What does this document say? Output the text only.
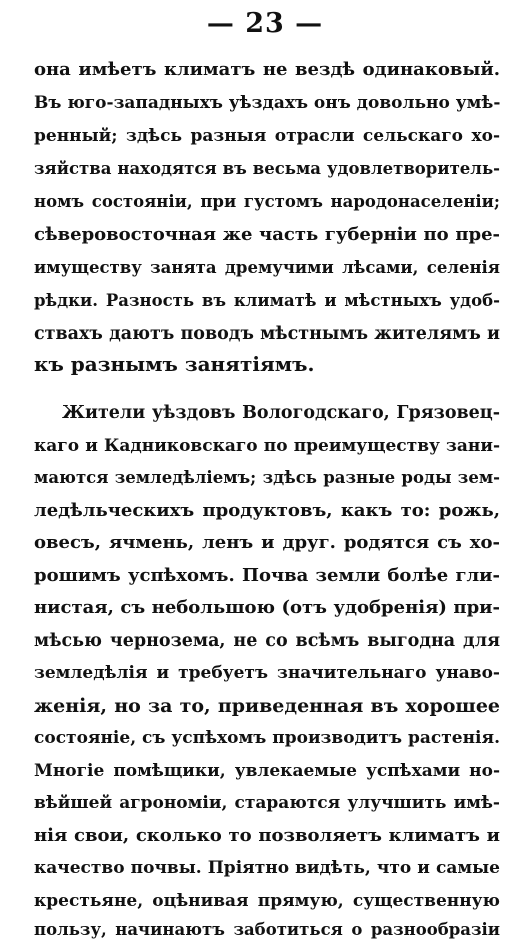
— 23 —
она имѣетъ климатъ не вездѣ одинаковый.
Въ юго-западныхъ уѣздахъ онъ довольно умѣ-
ренный; здѣсь разныя отрасли сельскаго хо-
зяйства находятся въ весьма удовлетворитель-
номъ состоянiи, при густомъ народонаселенiи;
сѣверовосточная же часть губернiи по пре-
имуществу занята дремучими лѣсами, селенiя
рѣдки. Разность въ климатѣ и мѣстныхъ удоб-
ствахъ даютъ поводъ мѣстнымъ жителямъ и
къ разнымъ занятiямъ.
Жители уѣздовъ Вологодскаго, Грязовец-
каго и Кадниковскаго по преимуществу зани-
маются земледѣлiемъ; здѣсь разные роды зем-
ледѣльческихъ продуктовъ, какъ то: рожь,
овесъ, ячмень, ленъ и друг. родятся съ хо-
рошимъ успѣхомъ. Почва земли болѣе гли-
нистая, съ небольшою (отъ удобренiя) при-
мѣсью чернозема, не со всѣмъ выгодна для
земледѣлiя и требуетъ значительнаго унаво-
женiя, но за то, приведенная въ хорошее
состоянiе, съ успѣхомъ производитъ растенiя.
Многiе помѣщики, увлекаемые успѣхами но-
вѣйшей агрономiи, стараются улучшить имѣ-
нiя свои, сколько то позволяетъ климатъ и
качество почвы. Прiятно видѣть, что и самые
крестьяне, оцѣнивая прямую, существенную
пользу, начинаютъ заботиться о разнообразiи
